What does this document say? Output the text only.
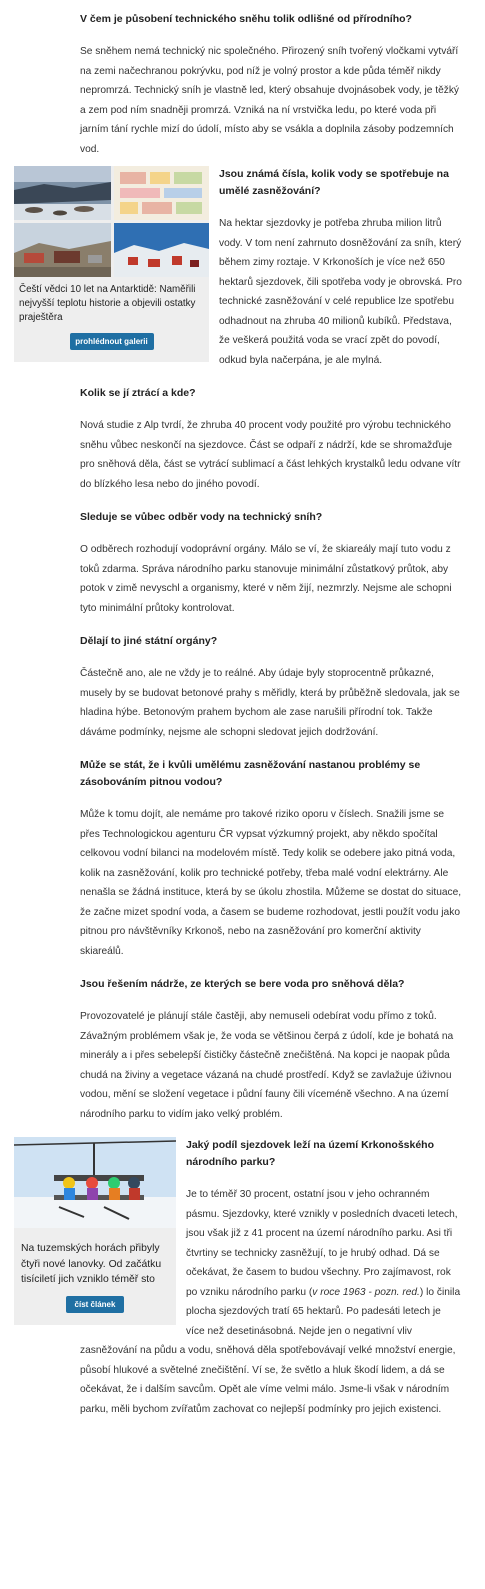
V čem je působení technického sněhu tolik odlišné od přírodního?

Se sněhem nemá technický nic společného. Přirozený sníh tvořený vločkami vytváří na zemi načechranou pokrývku, pod níž je volný prostor a kde půda téměř nikdy nepromrzá. Technický sníh je vlastně led, který obsahuje dvojnásobek vody, je těžký a zem pod ním snadněji promrzá. Vzniká na ní vrstvička ledu, po které voda při jarním tání rychle mizí do údolí, místo aby se vsákla a doplnila zásoby podzemních vod.

Čeští vědci 10 let na Antarktidě: Naměřili nejvyšší teplotu historie a objevili ostatky praještěra
prohlédnout galerii
Jsou známá čísla, kolik vody se spotřebuje na umělé zasněžování?

Na hektar sjezdovky je potřeba zhruba milion litrů vody. V tom není zahrnuto dosněžování za sníh, který během zimy roztaje. V Krkonoších je více než 650 hektarů sjezdovek, čili spotřeba vody je obrovská. Pro technické zasněžování v celé republice lze spotřebu odhadnout na zhruba 40 milionů kubíků. Představa, že veškerá použitá voda se vrací zpět do povodí, odkud byla načerpána, je ale mylná.

Kolik se jí ztrácí a kde?

Nová studie z Alp tvrdí, že zhruba 40 procent vody použité pro výrobu technického sněhu vůbec neskončí na sjezdovce. Část se odpaří z nádrží, kde se shromažďuje pro sněhová děla, část se vytrácí sublimací a část lehkých krystalků ledu odvane vítr do blízkého lesa nebo do jiného povodí.

Sleduje se vůbec odběr vody na technický sníh?

O odběrech rozhodují vodoprávní orgány. Málo se ví, že skiareály mají tuto vodu z toků zdarma. Správa národního parku stanovuje minimální zůstatkový průtok, aby potok v zimě nevyschl a organismy, které v něm žijí, nezmrzly. Nejsme ale schopni tyto minimální průtoky kontrolovat.

Dělají to jiné státní orgány?

Částečně ano, ale ne vždy je to reálné. Aby údaje byly stoprocentně průkazné, musely by se budovat betonové prahy s měřidly, která by průběžně sledovala, jak se hladina hýbe. Betonovým prahem bychom ale zase narušili přírodní tok. Takže dáváme podmínky, nejsme ale schopni sledovat jejich dodržování.

Může se stát, že i kvůli umělému zasněžování nastanou problémy se zásobováním pitnou vodou?

Může k tomu dojít, ale nemáme pro takové riziko oporu v číslech. Snažili jsme se přes Technologickou agenturu ČR vypsat výzkumný projekt, aby někdo spočítal celkovou vodní bilanci na modelovém místě. Tedy kolik se odebere jako pitná voda, kolik na zasněžování, kolik pro technické potřeby, třeba malé vodní elektrárny. Ale nenašla se žádná instituce, která by se úkolu zhostila. Můžeme se dostat do situace, že začne mizet spodní voda, a časem se budeme rozhodovat, jestli použít vodu jako pitnou pro návštěvníky Krkonoš, nebo na zasněžování pro komerční aktivity skiareálů.

Jsou řešením nádrže, ze kterých se bere voda pro sněhová děla?

Provozovatelé je plánují stále častěji, aby nemuseli odebírat vodu přímo z toků. Závažným problémem však je, že voda se většinou čerpá z údolí, kde je bohatá na minerály a i přes sebelepší čističky částečně znečištěná. Na kopci je naopak půda chudá na živiny a vegetace vázaná na chudé prostředí. Když se zavlažuje úživnou vodou, mění se složení vegetace i půdní fauny čili víceméně všechno. A na území národního parku to vidím jako velký problém.

Na tuzemských horách přibyly čtyři nové lanovky. Od začátku tisíciletí jich vzniklo téměř sto
číst článek
Jaký podíl sjezdovek leží na území Krkonošského národního parku?

Je to téměř 30 procent, ostatní jsou v jeho ochranném pásmu. Sjezdovky, které vznikly v posledních dvaceti letech, jsou však již z 41 procent na území národního parku. Asi tři čtvrtiny se technicky zasněžují, to je hrubý odhad. Dá se očekávat, že časem to budou všechny. Pro zajímavost, rok po vzniku národního parku (v roce 1963 - pozn. red.) lo činila plocha sjezdových tratí 65 hektarů. Po padesáti letech je více než desetinásobná. Nejde jen o negativní vliv zasněžování na půdu a vodu, sněhová děla spotřebovávají velké množství energie, působí hlukové a světelné znečištění. Ví se, že světlo a hluk škodí lidem, a dá se očekávat, že i dalším savcům. Opět ale víme velmi málo. Jsme-li však v národním parku, měli bychom zvířatům zachovat co nejlepší podmínky pro jejich existenci.
